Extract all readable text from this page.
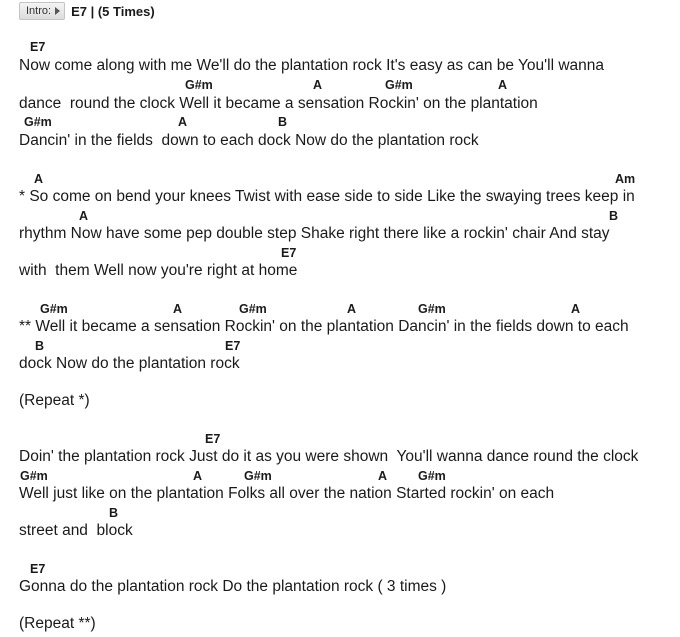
Intro: E7 | (5 Times)
E7
Now come along with me We'll do the plantation rock It's easy as can be You'll wanna
G#m	A	G#m	A
dance  round the clock Well it became a sensation Rockin' on the plantation
G#m	A	B
Dancin' in the fields  down to each dock Now do the plantation rock
A	Am
* So come on bend your knees Twist with ease side to side Like the swaying trees keep in
A	B
rhythm Now have some pep double step Shake right there like a rockin' chair And stay
E7
with  them Well now you're right at home
G#m	A	G#m	A	G#m	A
** Well it became a sensation Rockin' on the plantation Dancin' in the fields down to each
B	E7
dock Now do the plantation rock
(Repeat *)
E7
Doin' the plantation rock Just do it as you were shown  You'll wanna dance round the clock
G#m	A	G#m	A G#m
Well just like on the plantation Folks all over the nation Started rockin' on each
B
street and  block
E7
Gonna do the plantation rock Do the plantation rock ( 3 times )
(Repeat **)
